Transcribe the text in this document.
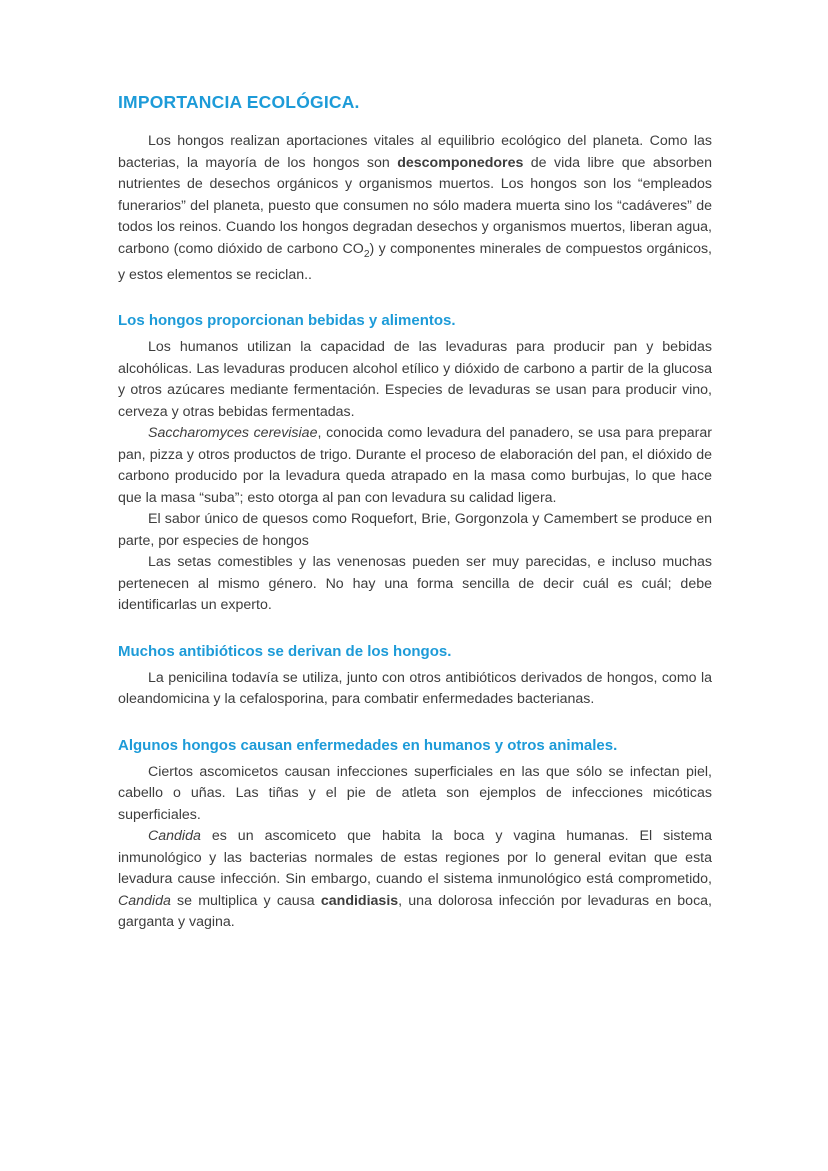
IMPORTANCIA ECOLÓGICA.

Los hongos realizan aportaciones vitales al equilibrio ecológico del planeta. Como las bacterias, la mayoría de los hongos son descomponedores de vida libre que absorben nutrientes de desechos orgánicos y organismos muertos. Los hongos son los “empleados funerarios” del planeta, puesto que consumen no sólo madera muerta sino los “cadáveres” de todos los reinos. Cuando los hongos degradan desechos y organismos muertos, liberan agua, carbono (como dióxido de carbono $CO_2$) y componentes minerales de compuestos orgánicos, y estos elementos se reciclan..

Los hongos proporcionan bebidas y alimentos.

Los humanos utilizan la capacidad de las levaduras para producir pan y bebidas alcohólicas. Las levaduras producen alcohol etílico y dióxido de carbono a partir de la glucosa y otros azúcares mediante fermentación. Especies de levaduras se usan para producir vino, cerveza y otras bebidas fermentadas.

Saccharomyces cerevisiae, conocida como levadura del panadero, se usa para preparar pan, pizza y otros productos de trigo. Durante el proceso de elaboración del pan, el dióxido de carbono producido por la levadura queda atrapado en la masa como burbujas, lo que hace que la masa “suba”; esto otorga al pan con levadura su calidad ligera.

El sabor único de quesos como Roquefort, Brie, Gorgonzola y Camembert se produce en parte, por especies de hongos

Las setas comestibles y las venenosas pueden ser muy parecidas, e incluso muchas pertenecen al mismo género. No hay una forma sencilla de decir cuál es cuál; debe identificarlas un experto.

Muchos antibióticos se derivan de los hongos.

La penicilina todavía se utiliza, junto con otros antibióticos derivados de hongos, como la oleandomicina y la cefalosporina, para combatir enfermedades bacterianas.

Algunos hongos causan enfermedades en humanos y otros animales.

Ciertos ascomicetos causan infecciones superficiales en las que sólo se infectan piel, cabello o uñas. Las tiñas y el pie de atleta son ejemplos de infecciones micóticas superficiales.

Candida es un ascomiceto que habita la boca y vagina humanas. El sistema inmunológico y las bacterias normales de estas regiones por lo general evitan que esta levadura cause infección. Sin embargo, cuando el sistema inmunológico está comprometido, Candida se multiplica y causa candidiasis, una dolorosa infección por levaduras en boca, garganta y vagina.
